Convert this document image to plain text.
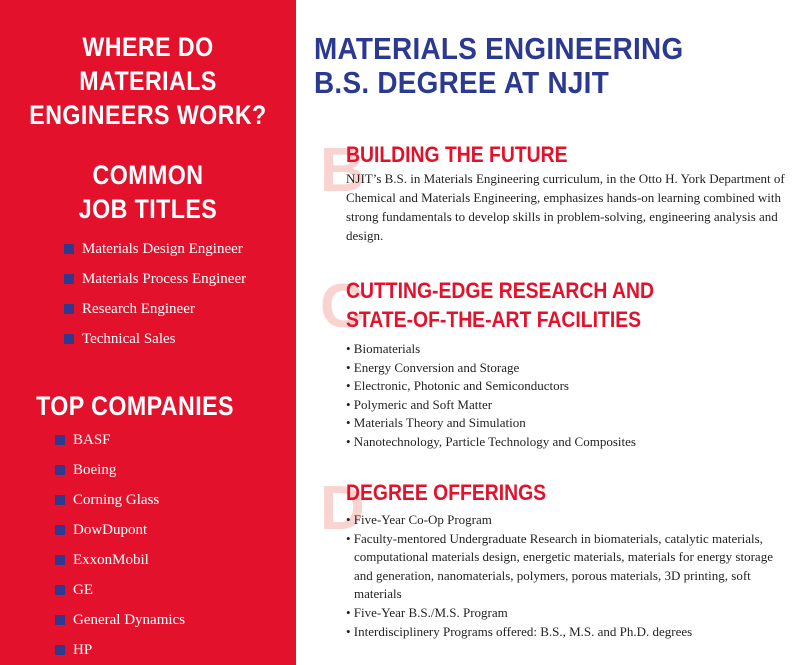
WHERE DO
MATERIALS
ENGINEERS WORK?
COMMON
JOB TITLES
Materials Design Engineer
Materials Process Engineer
Research Engineer
Technical Sales
TOP COMPANIES
BASF
Boeing
Corning Glass
DowDupont
ExxonMobil
GE
General Dynamics
HP
MATERIALS ENGINEERING
B.S. DEGREE AT NJIT
B
BUILDING THE FUTURE

NJIT’s B.S. in Materials Engineering curriculum, in the Otto H. York Department of Chemical and Materials Engineering, emphasizes hands-on learning combined with strong fundamentals to develop skills in problem-solving, engineering analysis and design.

C
CUTTING-EDGE RESEARCH AND
STATE-OF-THE-ART FACILITIES
• Biomaterials
• Energy Conversion and Storage
• Electronic, Photonic and Semiconductors
• Polymeric and Soft Matter
• Materials Theory and Simulation
• Nanotechnology, Particle Technology and Composites
D
DEGREE OFFERINGS
• Five-Year Co-Op Program
• Faculty-mentored Undergraduate Research in biomaterials, catalytic materials, computational materials design, energetic materials, materials for energy storage and generation, nanomaterials, polymers, porous materials, 3D printing, soft materials
• Five-Year B.S./M.S. Program
• Interdisciplinery Programs offered: B.S., M.S. and Ph.D. degrees
